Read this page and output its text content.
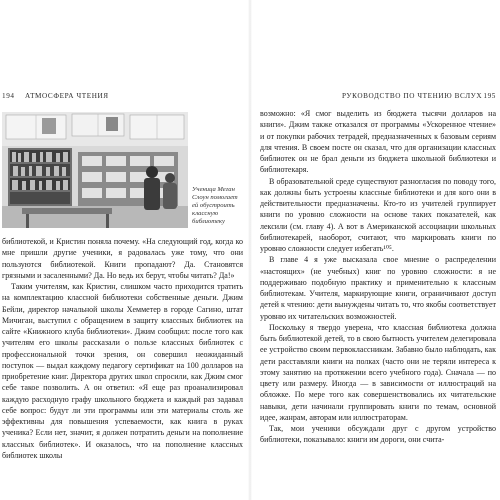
194 АТМОСФЕРА ЧТЕНИЯ
Ученица Меган Слоун помогает ей обустроить классную библиотеку

библиотекой, и Кристин поняла почему. «На следующий год, когда ко мне пришли другие ученики, я радовалась уже тому, что они пользуются библиотекой. Книги пропадают? Да. Становятся грязными и засаленными? Да. Но ведь их берут, чтобы читать? Да!»

Таким учителям, как Кристин, слишком часто приходится тратить на комплектацию классной библиотеки собственные деньги. Джим Бейли, директор начальной школы Хеммeтер в городе Сагино, штат Мичиган, выступил с обращением в защиту классных библиотек на сайте «Книжного клуба библиотеки». Джим сообщил: после того как учителям его школы рассказали о пользе классных библиотек с профессиональной точки зрения, он совершил неожиданный поступок — выдал каждому педагогу сертификат на 100 долларов на приобретение книг. Директора других школ спросили, как Джим смог себе такое позволить. А он ответил: «Я еще раз проанализировал каждую расходную графу школьного бюджета и каждый раз задавал себе вопрос: будут ли эти программы или эти материалы столь же эффективны для повышения успеваемости, как книга в руках ученика? Если нет, значит, я должен потратить деньги на пополнение классных библиотек». И оказалось, что на пополнение классных библиотек школы

РУКОВОДСТВО ПО ЧТЕНИЮ ВСЛУХ 195

возможно: «Я смог выделить из бюджета тысячи долларов на книги». Джим также отказался от программы «Ускоренное чтение» и от покупки рабочих тетрадей, предназначенных к базовым сериям для чтения. В своем посте он сказал, что для организации классных библиотек он не брал деньги из бюджета школьной библиотеки и библиотекаря.

В образовательной среде существуют разногласия по поводу того, как должны быть устроены классные библиотеки и для кого они в действительности предназначены. Кто-то из учителей группирует книги по уровню сложности на основе таких показателей, как лексили (см. главу 4). А вот в Американской ассоциации школьных библиотекарей, наоборот, считают, что маркировать книги по уровню сложности следует избегать¹⁰⁵.

В главе 4 я уже высказала свое мнение о распределении «настоящих» (не учебных) книг по уровню сложности: я не поддерживаю подобную практику и применительно к классным библиотекам. Учителя, маркирующие книги, ограничивают доступ детей к чтению: дети вынуждены читать то, что якобы соответствует уровню их читательских возможностей.

Поскольку я твердо уверена, что классная библиотека должна быть библиотекой детей, то в свою бытность учителем делегировала ее устройство своим первоклассникам. Забавно было наблюдать, как дети расставляли книги на полках (часто они не теряли интереса к этому занятию на протяжении всего учебного года). Сначала — по цвету или размеру. Иногда — в зависимости от иллюстраций на обложке. По мере того как совершенствовались их читательские навыки, дети начинали группировать книги по темам, основной идее, жанрам, авторам или иллюстраторам.

Так, мои ученики обсуждали друг с другом устройство библиотеки, показывало: книги им дороги, они счита-
